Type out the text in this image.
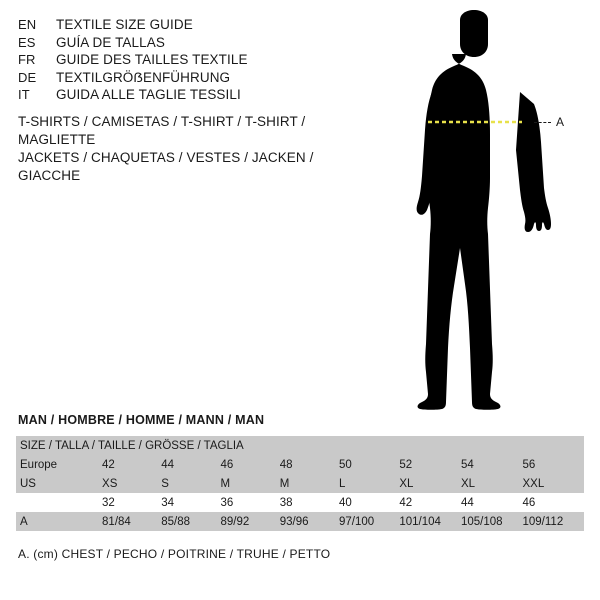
EN	TEXTILE SIZE GUIDE
ES	GUÍA DE TALLAS
FR	GUIDE DES TAILLES TEXTILE
DE	TEXTILGRÖẞENFÜHRUNG
IT	GUIDA ALLE TAGLIE TESSILI
T-SHIRTS / CAMISETAS / T-SHIRT / T-SHIRT / MAGLIETTE
JACKETS / CHAQUETAS / VESTES / JACKEN / GIACCHE
A
MAN / HOMBRE / HOMME / MANN / MAN
SIZE / TALLA / TAILLE / GRÖSSE / TAGLIA								
Europe	42	44	46	48	50	52	54	56
US	XS	S	M	M	L	XL	XL	XXL
	32	34	36	38	40	42	44	46
A	81/84	85/88	89/92	93/96	97/100	101/104	105/108	109/112
A. (cm) CHEST / PECHO / POITRINE / TRUHE / PETTO
